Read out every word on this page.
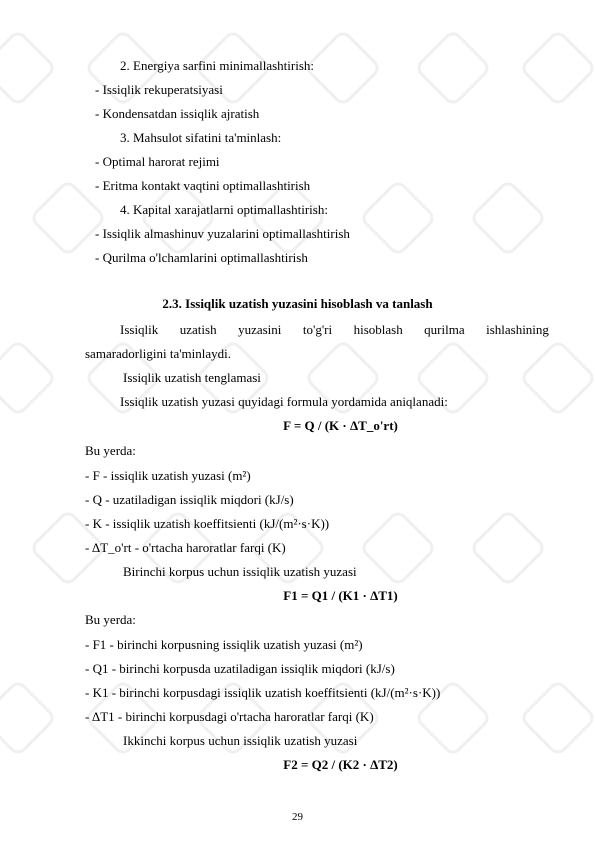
2. Energiya sarfini minimallashtirish:
- Issiqlik rekuperatsiyasi
- Kondensatdan issiqlik ajratish
3. Mahsulot sifatini ta'minlash:
- Optimal harorat rejimi
- Eritma kontakt vaqtini optimallashtirish
4. Kapital xarajatlarni optimallashtirish:
- Issiqlik almashinuv yuzalarini optimallashtirish
- Qurilma o'lchamlarini optimallashtirish
2.3. Issiqlik uzatish yuzasini hisoblash va tanlash
Issiqlik uzatish yuzasini to'g'ri hisoblash qurilma ishlashining
samaradorligini ta'minlaydi.
Issiqlik uzatish tenglamasi
Issiqlik uzatish yuzasi quyidagi formula yordamida aniqlanadi:
F = Q / (K · ΔT_o'rt)
Bu yerda:
- F - issiqlik uzatish yuzasi (m²)
- Q - uzatiladigan issiqlik miqdori (kJ/s)
- K - issiqlik uzatish koeffitsienti (kJ/(m²·s·K))
- ΔT_o'rt - o'rtacha haroratlar farqi (K)
Birinchi korpus uchun issiqlik uzatish yuzasi
F1 = Q1 / (K1 · ΔT1)
Bu yerda:
- F1 - birinchi korpusning issiqlik uzatish yuzasi (m²)
- Q1 - birinchi korpusda uzatiladigan issiqlik miqdori (kJ/s)
- K1 - birinchi korpusdagi issiqlik uzatish koeffitsienti (kJ/(m²·s·K))
- ΔT1 - birinchi korpusdagi o'rtacha haroratlar farqi (K)
Ikkinchi korpus uchun issiqlik uzatish yuzasi
F2 = Q2 / (K2 · ΔT2)
29
